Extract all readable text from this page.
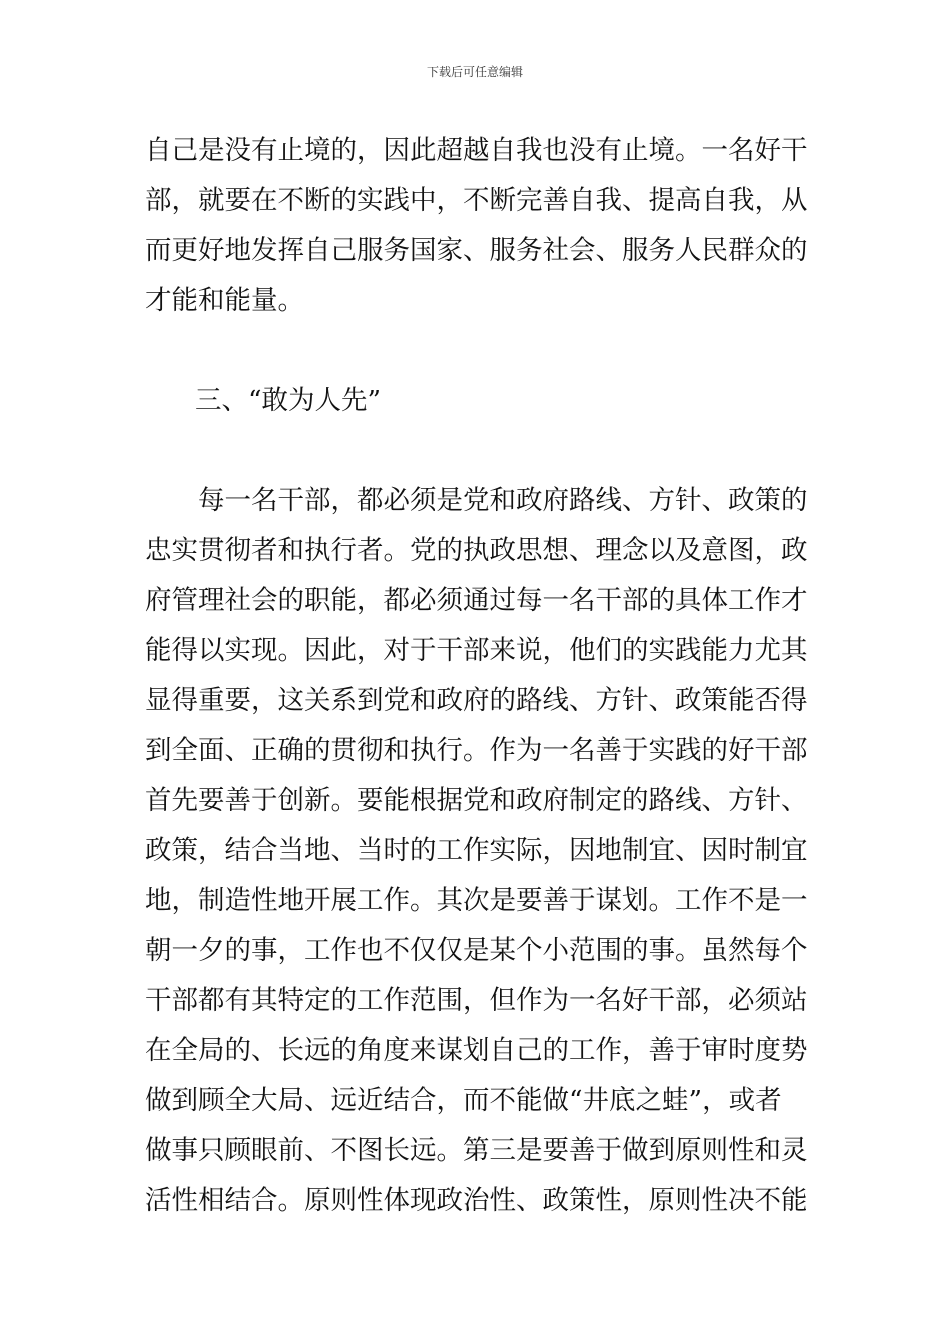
下载后可任意编辑
自己是没有止境的，因此超越自我也没有止境。一名好干
部，就要在不断的实践中，不断完善自我、提高自我，从
而更好地发挥自己服务国家、服务社会、服务人民群众的
才能和能量。
三、“敢为人先”
每一名干部，都必须是党和政府路线、方针、政策的
忠实贯彻者和执行者。党的执政思想、理念以及意图，政
府管理社会的职能，都必须通过每一名干部的具体工作才
能得以实现。因此，对于干部来说，他们的实践能力尤其
显得重要，这关系到党和政府的路线、方针、政策能否得
到全面、正确的贯彻和执行。作为一名善于实践的好干部
首先要善于创新。要能根据党和政府制定的路线、方针、
政策，结合当地、当时的工作实际，因地制宜、因时制宜
地，制造性地开展工作。其次是要善于谋划。工作不是一
朝一夕的事，工作也不仅仅是某个小范围的事。虽然每个
干部都有其特定的工作范围，但作为一名好干部，必须站
在全局的、长远的角度来谋划自己的工作，善于审时度势
做到顾全大局、远近结合，而不能做“井底之蛙”，或者
做事只顾眼前、不图长远。第三是要善于做到原则性和灵
活性相结合。原则性体现政治性、政策性，原则性决不能
